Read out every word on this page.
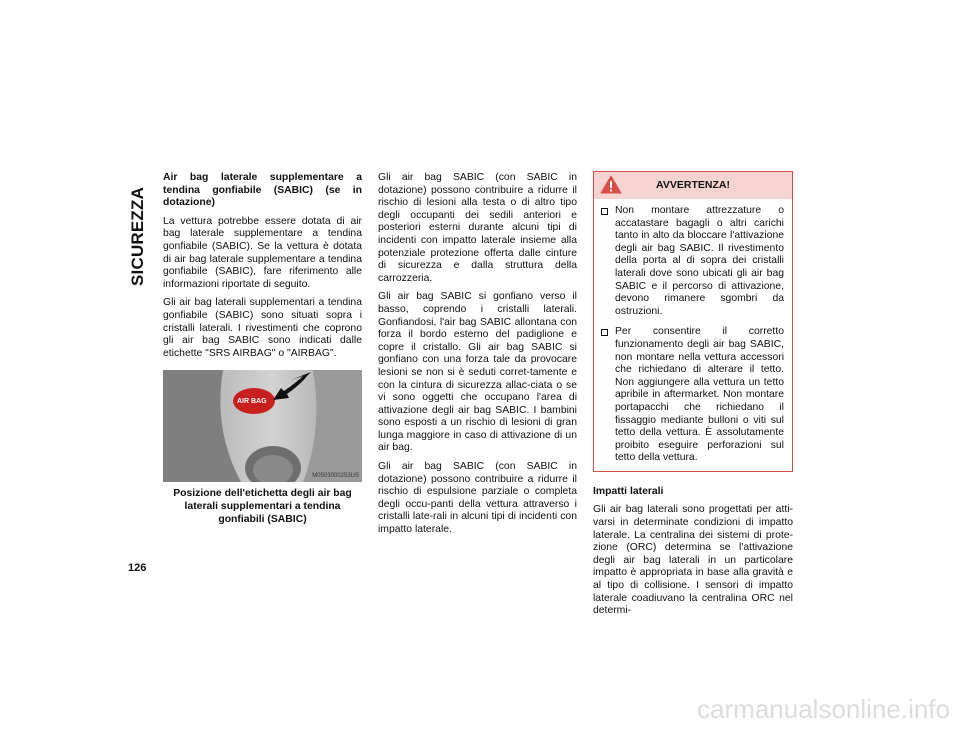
SICUREZZA
Air bag laterale supplementare a tendina gonfiabile (SABIC) (se in dotazione)

La vettura potrebbe essere dotata di air bag laterale supplementare a tendina gonfiabile (SABIC). Se la vettura è dotata di air bag laterale supplementare a tendina gonfiabile (SABIC), fare riferimento alle informazioni riportate di seguito.

Gli air bag laterali supplementari a tendina gonfiabile (SABIC) sono situati sopra i cristalli laterali. I rivestimenti che coprono gli air bag SABIC sono indicati dalle etichette "SRS AIRBAG" o "AIRBAG".

AIR BAG
M0503000253US
Posizione dell'etichetta degli air bag laterali supplementari a tendina gonfiabili (SABIC)

Gli air bag SABIC (con SABIC in dotazione) possono contribuire a ridurre il rischio di lesioni alla testa o di altro tipo degli occupanti dei sedili anteriori e posteriori esterni durante alcuni tipi di incidenti con impatto laterale insieme alla potenziale protezione offerta dalle cinture di sicurezza e dalla struttura della carrozzeria.

Gli air bag SABIC si gonfiano verso il basso, coprendo i cristalli laterali. Gonfiandosi, l'air bag SABIC allontana con forza il bordo esterno del padiglione e copre il cristallo. Gli air bag SABIC si gonfiano con una forza tale da provocare lesioni se non si è seduti corret-tamente e con la cintura di sicurezza allac-ciata o se vi sono oggetti che occupano l'area di attivazione degli air bag SABIC. I bambini sono esposti a un rischio di lesioni di gran lunga maggiore in caso di attivazione di un air bag.

Gli air bag SABIC (con SABIC in dotazione) possono contribuire a ridurre il rischio di espulsione parziale o completa degli occu-panti della vettura attraverso i cristalli late-rali in alcuni tipi di incidenti con impatto laterale.

AVVERTENZA!
Non montare attrezzature o accatastare bagagli o altri carichi tanto in alto da bloccare l'attivazione degli air bag SABIC. Il rivestimento della porta al di sopra dei cristalli laterali dove sono ubicati gli air bag SABIC e il percorso di attivazione, devono rimanere sgombri da ostruzioni.
Per consentire il corretto funzionamento degli air bag SABIC, non montare nella vettura accessori che richiedano di alterare il tetto. Non aggiungere alla vettura un tetto apribile in aftermarket. Non montare portapacchi che richiedano il fissaggio mediante bulloni o viti sul tetto della vettura. È assolutamente proibito eseguire perforazioni sul tetto della vettura.
Impatti laterali

Gli air bag laterali sono progettati per atti-varsi in determinate condizioni di impatto laterale. La centralina dei sistemi di prote-zione (ORC) determina se l'attivazione degli air bag laterali in un particolare impatto è appropriata in base alla gravità e al tipo di collisione. I sensori di impatto laterale coadiuvano la centralina ORC nel determi-

126
carmanualsonline.info
